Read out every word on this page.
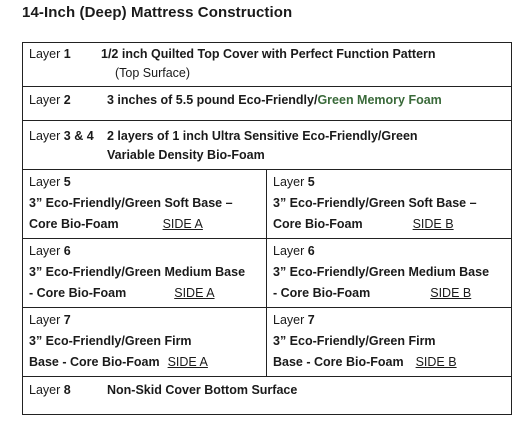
14-Inch (Deep) Mattress Construction
Layer 1 1/2 inch Quilted Top Cover with Perfect Function Pattern
(Top Surface)
Layer 2	3 inches of 5.5 pound Eco-Friendly/Green Memory Foam
Layer 3 & 4 2 layers of 1 inch Ultra Sensitive Eco-Friendly/Green
Variable Density Bio-Foam
Layer 5
3” Eco-Friendly/Green Soft Base –
Core Bio-Foam	SIDE A
Layer 5
3” Eco-Friendly/Green Soft Base –
Core Bio-Foam	SIDE B
Layer 6
3” Eco-Friendly/Green Medium Base
- Core Bio-Foam	SIDE A
Layer 6
3” Eco-Friendly/Green Medium Base
- Core Bio-Foam	SIDE B
Layer 7
3” Eco-Friendly/Green Firm
Base - Core Bio-Foam SIDE A
Layer 7
3” Eco-Friendly/Green Firm
Base - Core Bio-Foam SIDE B
Layer 8	Non-Skid Cover Bottom Surface
